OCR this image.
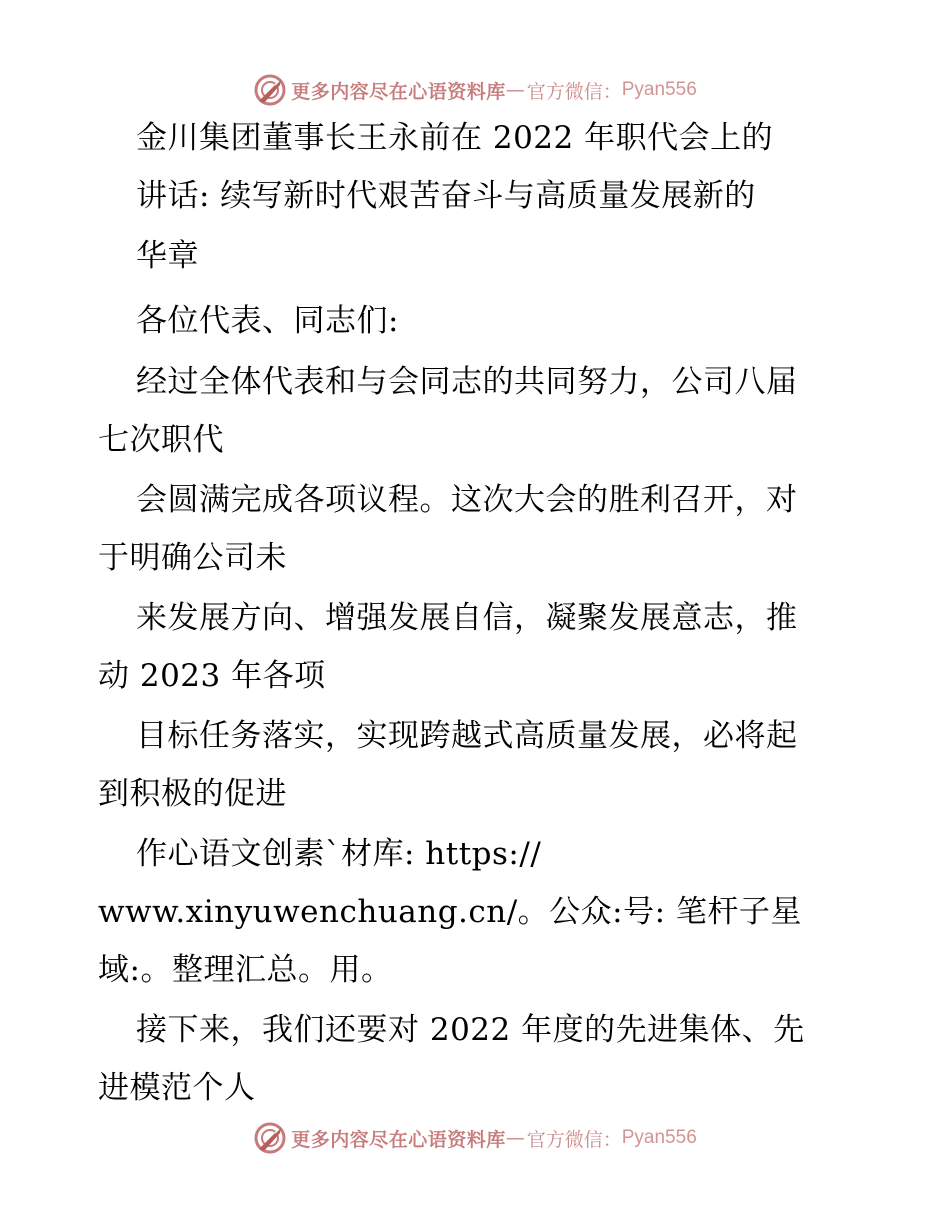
更多内容尽在心语资料库 — 官方微信： Pyan556
金川集团董事长王永前在 2022 年职代会上的
讲话: 续写新时代艰苦奋斗与高质量发展新的
华章
各位代表、同志们:
经过全体代表和与会同志的共同努力，公司八届
七次职代
会圆满完成各项议程。这次大会的胜利召开，对
于明确公司未
来发展方向、增强发展自信，凝聚发展意志，推
动 2023 年各项
目标任务落实，实现跨越式高质量发展，必将起
到积极的促进
作心语文创素`材库: https://
www.xinyuwenchuang.cn/。公众:号: 笔杆子星
域:。整理汇总。用。
接下来，我们还要对 2022 年度的先进集体、先
进模范个人
更多内容尽在心语资料库 — 官方微信： Pyan556
